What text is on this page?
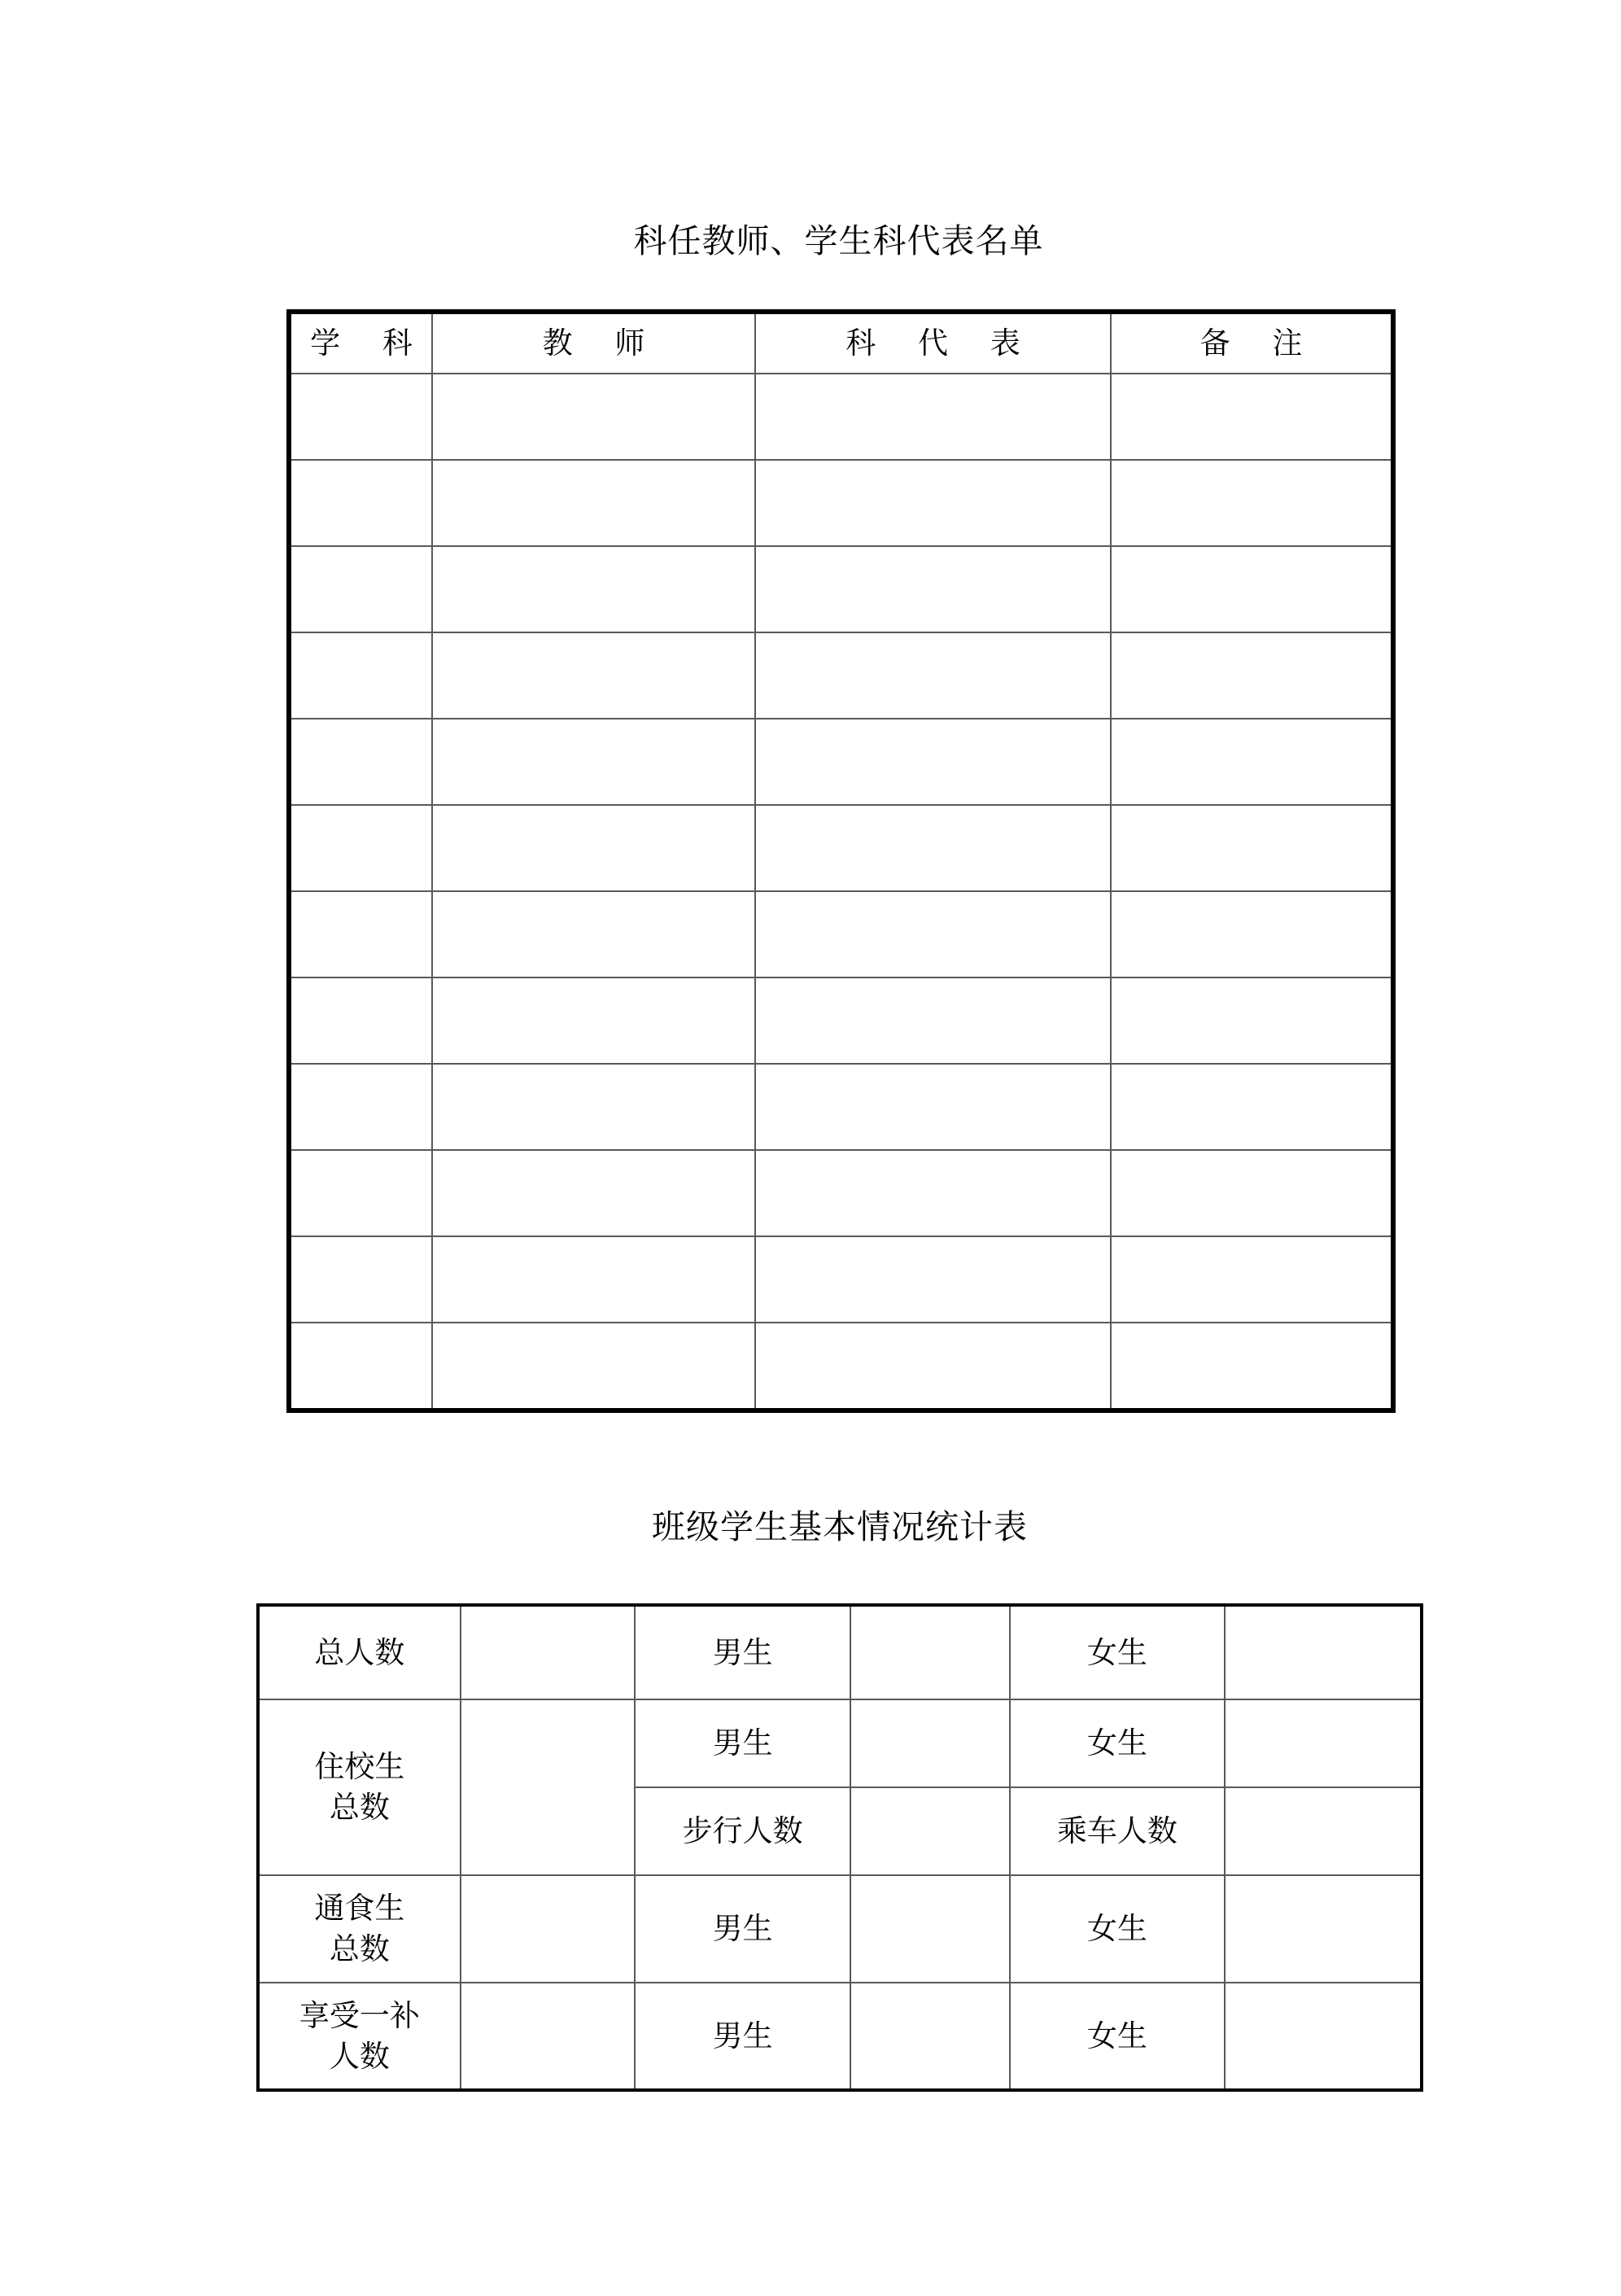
科任教师、学生科代表名单
学 科	教 师	科 代 表	备 注

班级学生基本情况统计表
总人数		男生		女生	
住校生
总数		男生		女生	
		步行人数		乘车人数	
通食生
总数		男生		女生	
享受一补
人数		男生		女生	
